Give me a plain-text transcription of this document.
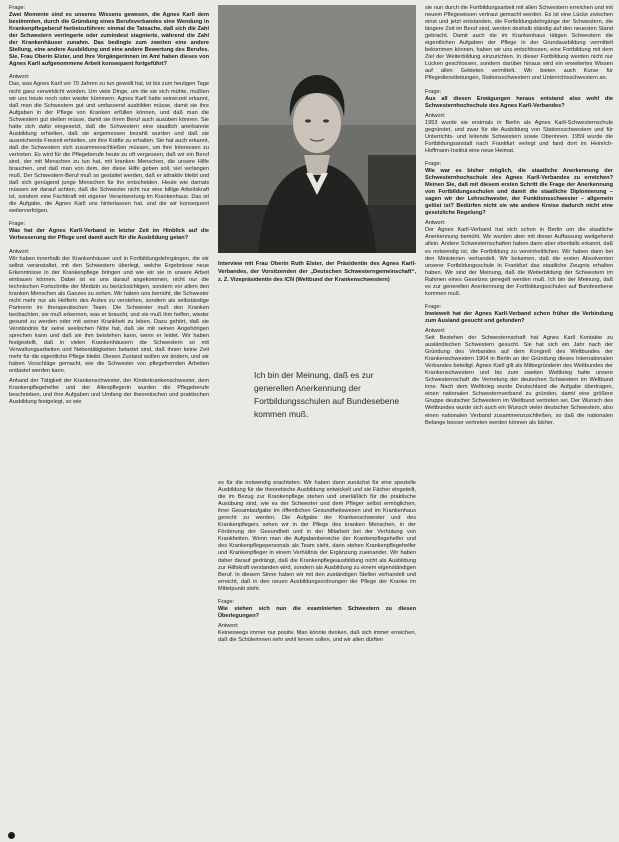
Frage:

Zwei Momente sind es unseres Wissens gewesen, die Agnes Karll dem bestimmten, durch die Gründung eines Berufsverbandes eine Wendung in Krankenpflegeberuf herbeizuführen: einmal die Tatsache, daß sich die Zahl der Schwestern verringerte oder zumindest stagnierte, während die Zahl der Krankenhäuser zunahm. Das bedingte zum zweiten eine andere Stellung, eine andere Ausbildung und eine andere Bewertung des Berufes. Sie, Frau Oberin Elster, und Ihre Vorgängerinnen im Amt haben dieses von Agnes Karll aufgenommene Arbeit konsequent fortgeführt?

Antwort:

Das, was Agnes Karll vor 70 Jahren zu tun gewollt hat, ist bis zum heutigen Tage nicht ganz verwirklicht worden. Um viele Dinge, um die sie sich mühte, mußten wir uns heute noch oder wieder kümmern. Agnes Karll hatte seinerzeit erkannt, daß man die Schwestern gut und umfassend ausbilden müsse, damit sie ihre Aufgaben in der Pflege von Kranken erfüllen können, und daß man die Schwestern gut stellen müsse, damit sie ihren Beruf auch ausüben können. Sie hatte sich dafür eingesetzt, daß die Schwestern eine staatlich anerkannte Ausbildung erhielten, daß sie angemessen bezahlt wurden und daß sie ausreichende Freizeit erhielten, um ihre Kräfte zu erhalten. Sie hat auch erkannt, daß die Schwestern sich zusammenschließen müssen, um ihre Interessen zu vertreten. Es wird für die Pflegeberufe heute zu oft vergessen, daß wir ein Beruf sind, der mit Menschen zu tun hat, mit kranken Menschen, die unsere Hilfe brauchen, und daß man von dem, der diese Hilfe geben soll, viel verlangen muß. Der Schwestern-Beruf muß so gestaltet werden, daß er attraktiv bleibt und daß sich genügend junge Menschen für ihn entscheiden. Heute wie damals müssen wir darauf achten, daß die Schwester nicht nur eine billige Arbeitskraft ist, sondern eine Fachkraft mit eigener Verantwortung im Krankenhaus. Das ist die Aufgabe, die Agnes Karll uns hinterlassen hat, und die wir konsequent weiterverfolgen.

Frage:

Was hat der Agnes Karll-Verband in letzter Zeit im Hinblick auf die Verbesserung der Pflege und damit auch für die Ausbildung getan?

Antwort:

Wir haben innerhalb der Krankenhäuser und in Fortbildungslehrgängen, die wir selbst veranstaltet, mit den Schwestern überlegt, welche Ergebnisse neue Erkenntnisse in der Krankenpflege bringen und wie wir sie in unsere Arbeit einbauen können. Dabei ist es uns darauf angekommen, nicht nur die technischen Fortschritte der Medizin zu berücksichtigen, sondern vor allem den kranken Menschen als Ganzes zu sehen. Wir haben uns bemüht, die Schwester nicht mehr nur als Helferin des Arztes zu verstehen, sondern als selbständige Partnerin im therapeutischen Team. Die Schwester muß den Kranken beobachten, sie muß erkennen, was er braucht, und sie muß ihm helfen, wieder gesund zu werden oder mit seiner Krankheit zu leben. Dazu gehört, daß sie Verständnis für seine seelischen Nöte hat, daß sie mit seinen Angehörigen sprechen kann und daß sie ihm beistehen kann, wenn er leidet. Wir haben festgestellt, daß in vielen Krankenhäusern die Schwestern so mit Verwaltungsarbeiten und Nebentätigkeiten belastet sind, daß ihnen keine Zeit mehr für die eigentliche Pflege bleibt. Diesen Zustand wollen wir ändern, und wir haben Vorschläge gemacht, wie die Schwester von pflegefremden Arbeiten entlastet werden kann.

Anhand der Tätigkeit der Krankenschwester, der Kinderkrankenschwester, dem Krankenpflegehelfer und der Altenpflegerin wurden die Pflegeberufe beschrieben, und ihre Aufgaben und Umfang der theoretischen und praktischen Ausbildung festgelegt, so wie

Interview mit Frau Oberin Ruth Elster, der Präsidentin des Agnes Karll-Verbandes, der Vorsitzenden der „Deutschen Schwesterngemeinschaft“, z. Z. Vizepräsidentin des ICN (Weltbund der Krankenschwestern)
Ich bin der Meinung, daß es zur generellen Anerkennung der Fortbildungsschulen auf Bundesebene kommen muß.

es für die notwendig erachteten. Wir haben dann zunächst für eine spezielle Ausbildung für die theoretische Ausbildung entwickelt und sie Fächer eingeteilt, die im Bezug zur Krankenpflege stehen und unerläßlich für die praktische Ausübung sind, wie es der Schwester und dem Pfleger selbst ermöglichen, ihrer Gesamtaufgabe im öffentlichen Gesundheitswesen und im Krankenhaus gerecht zu werden. Die Aufgabe der Krankenschwester und des Krankenpflegers sehen wir in der Pflege des kranken Menschen, in der Förderung der Gesundheit und in der Mitarbeit bei der Verhütung von Krankheiten. Wenn man die Aufgabenbereiche der Krankenpflegehelfer und des Krankenpflegepersonals als Team sieht, dann stehen Krankenpflegehelfer und Krankenpfleger in einem Verhältnis der Ergänzung zueinander. Wir haben daher darauf gedrängt, daß die Krankenpflegeausbildung nicht als Ausbildung zur Hilfskraft verstanden wird, sondern als Ausbildung zu einem eigenständigen Beruf. In diesem Sinne haben wir mit den zuständigen Stellen verhandelt und erreicht, daß in den neuen Ausbildungsordnungen der Pflege der Kranke im Mittelpunkt steht.

Frage:

Wie stehen sich nun die examinierten Schwestern zu diesen Überlegungen?

Antwort:

Keineswegs immer nur positiv. Man könnte denken, daß sich immer erreichen, daß die Schülerinnen sehr wohl lernen sollen, und wir allen dürften

sie nun durch die Fortbildungsarbeit mit allen Schwestern erreichen und mit neuem Pflegewissen vertraut gemacht werden. Es ist eine Lücke zwischen einst und jetzt entstanden, die Fortbildungslehrgänge der Schwestern, die längere Zeit im Beruf sind, werden deshalb ständig auf den neuesten Stand gebracht. Damit auch die im Krankenhaus tätigen Schwestern die eigentlichen Aufgaben der Pflege in der Grundausbildung vermittelt bekommen können, haben wir uns entschlossen, eine Fortbildung mit dem Ziel der Weiterbildung einzurichten. In dieser Fortbildung werden nicht nur Lücken geschlossen, sondern darüber hinaus wird ein erweitertes Wissen auf allen Gebieten vermittelt. Wir bieten auch Kurse für Pflegedienstleitungen, Stationsschwestern und Unterrichtsschwestern an.

Frage:

Aus all diesen Erwägungen heraus entstand also wohl die Schwesternhochschule des Agnes Karll-Verbandes?

Antwort:

1953 wurde sie erstmals in Berlin als Agnes Karll-Schwesternschule gegründet, und zwar für die Ausbildung von Stationsschwestern und für Unterrichts- und leitende Schwestern sowie Oberinnen. 1959 wurde die Fortbildungsanstalt nach Frankfurt verlegt und fand dort im Heinrich-Hoffmann-Institut eine neue Heimat.

Frage:

Wie war es bisher möglich, die staatliche Anerkennung der Schwesternhochschule des Agnes Karll-Verbandes zu erreichen? Meinen Sie, daß mit diesem ersten Schritt die Frage der Anerkennung von Fortbildungsschulen und damit die staatliche Diplomierung – sagen wir der Lehrschwester, der Funktionsschwester – allgemein gelöst ist? Bedürfen nicht sie wie andere Kreise dadurch nicht eine gesetzliche Regelung?

Antwort:

Der Agnes Karll-Verband hat sich schon in Berlin um die staatliche Anerkennung bemüht. Wir wurden aber mit dieser Auffassung weitgehend allein. Andere Schwesternschaften haben dann aber ebenfalls erkannt, daß es notwendig ist, die Fortbildung zu vereinheitlichen. Wir haben dann bei den Ministerien verhandelt. Wir bekamen, daß die ersten Absolventen unserer Fortbildungsschule in Frankfurt das staatliche Zeugnis erhalten haben. Wir sind der Meinung, daß die Weiterbildung der Schwestern im Rahmen eines Gesetzes geregelt werden muß. Ich bin der Meinung, daß es zur generellen Anerkennung der Fortbildungsschulen auf Bundesebene kommen muß.

Frage:

Inwieweit hat der Agnes Karll-Verband schon früher die Verbindung zum Ausland gesucht und gefunden?

Antwort:

Seit Bestehen der Schwesternschaft hat Agnes Karll Kontakte zu ausländischen Schwestern gesucht. Sie hat sich ein Jahr nach der Gründung des Verbandes auf dem Kongreß des Weltbundes der Krankenschwestern 1904 in Berlin an der Gründung dieses Internationalen Verbandes beteiligt. Agnes Karll gilt als Mitbegründerin des Weltbundes der Krankenschwestern und bis zum zweiten Weltkrieg hatte unsere Schwesternschaft die Vertretung der deutschen Schwestern im Weltbund inne. Nach dem Weltkrieg wurde Deutschland die Aufgabe übertragen, einen nationalen Schwesternverband zu gründen, damit eine größere Gruppe deutscher Schwestern im Weltbund vertreten sei. Der Wunsch des Weltbundes wurde sich auch ein Wunsch vieler deutscher Schwestern, also einen nationalen Verband zusammenzuschließen, so daß die nationalen Belange besser vertreten werden können als bisher.
